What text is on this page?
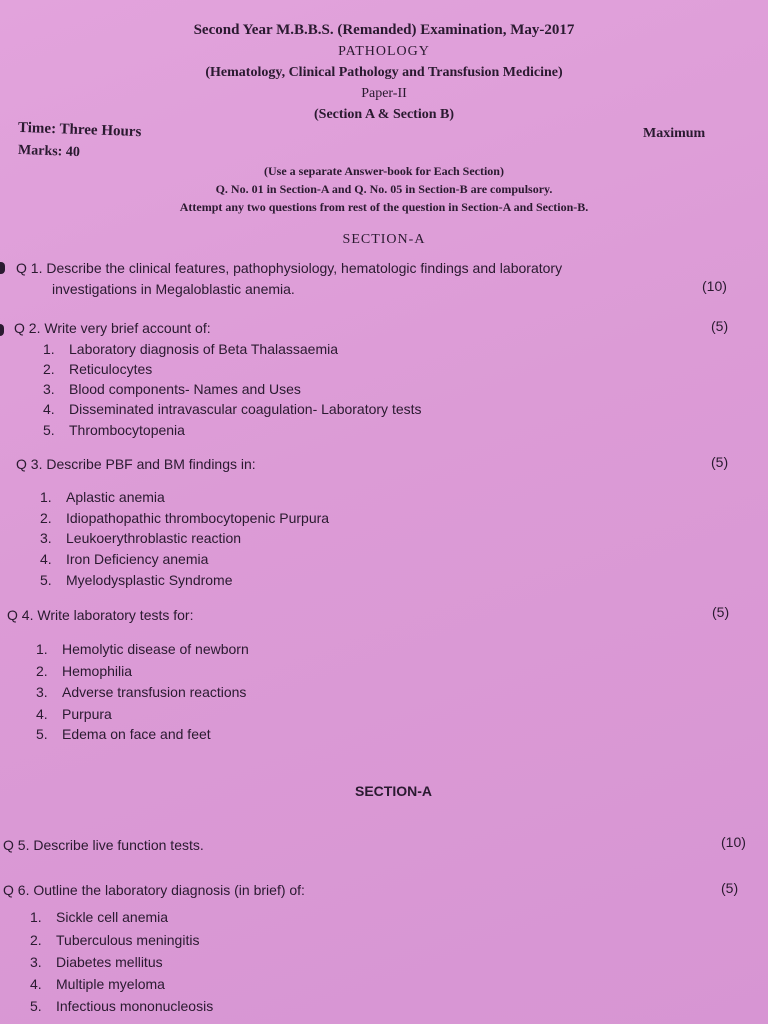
Second Year M.B.B.S. (Remanded) Examination, May-2017
PATHOLOGY
(Hematology, Clinical Pathology and Transfusion Medicine)
Paper-II
(Section A & Section B)
Time: Three Hours	Maximum
Marks: 40
(Use a separate Answer-book for Each Section)
Q. No. 01 in Section-A and Q. No. 05 in Section-B are compulsory.
Attempt any two questions from rest of the question in Section-A and Section-B.
SECTION-A
Q 1. Describe the clinical features, pathophysiology, hematologic findings and laboratory
investigations in Megaloblastic anemia.	(10)
Q 2. Write very brief account of:	(5)
1. Laboratory diagnosis of Beta Thalassaemia
2. Reticulocytes
3. Blood components- Names and Uses
4. Disseminated intravascular coagulation- Laboratory tests
5. Thrombocytopenia
Q 3. Describe PBF and BM findings in:	(5)
1. Aplastic anemia
2. Idiopathopathic thrombocytopenic Purpura
3. Leukoerythroblastic reaction
4. Iron Deficiency anemia
5. Myelodysplastic Syndrome
Q 4. Write laboratory tests for:	(5)
1. Hemolytic disease of newborn
2. Hemophilia
3. Adverse transfusion reactions
4. Purpura
5. Edema on face and feet
SECTION-A
Q 5. Describe live function tests.	(10)
Q 6. Outline the laboratory diagnosis (in brief) of:	(5)
1. Sickle cell anemia
2. Tuberculous meningitis
3. Diabetes mellitus
4. Multiple myeloma
5. Infectious mononucleosis
